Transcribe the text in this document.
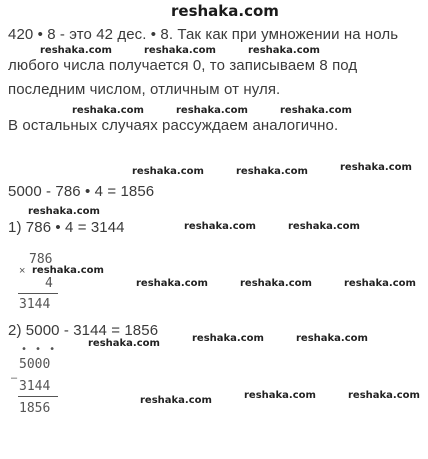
reshaka.com
420 • 8 - это 42 дес. • 8. Так как при умножении на ноль
любого числа получается 0, то записываем 8 под
последним числом, отличным от нуля.
В остальных случаях рассуждаем аналогично.
5000 - 786 • 4 = 1856
1) 786 • 4 = 3144
2) 5000 - 3144 = 1856
×
786
4
3144
• • •
–
5000
3144
1856
reshaka.com	reshaka.com	reshaka.com
reshaka.com	reshaka.com	reshaka.com
reshaka.com	reshaka.com	reshaka.com
reshaka.com
reshaka.com	reshaka.com
reshaka.com
reshaka.com	reshaka.com	reshaka.com
reshaka.com	reshaka.com	reshaka.com
reshaka.com	reshaka.com	reshaka.com
